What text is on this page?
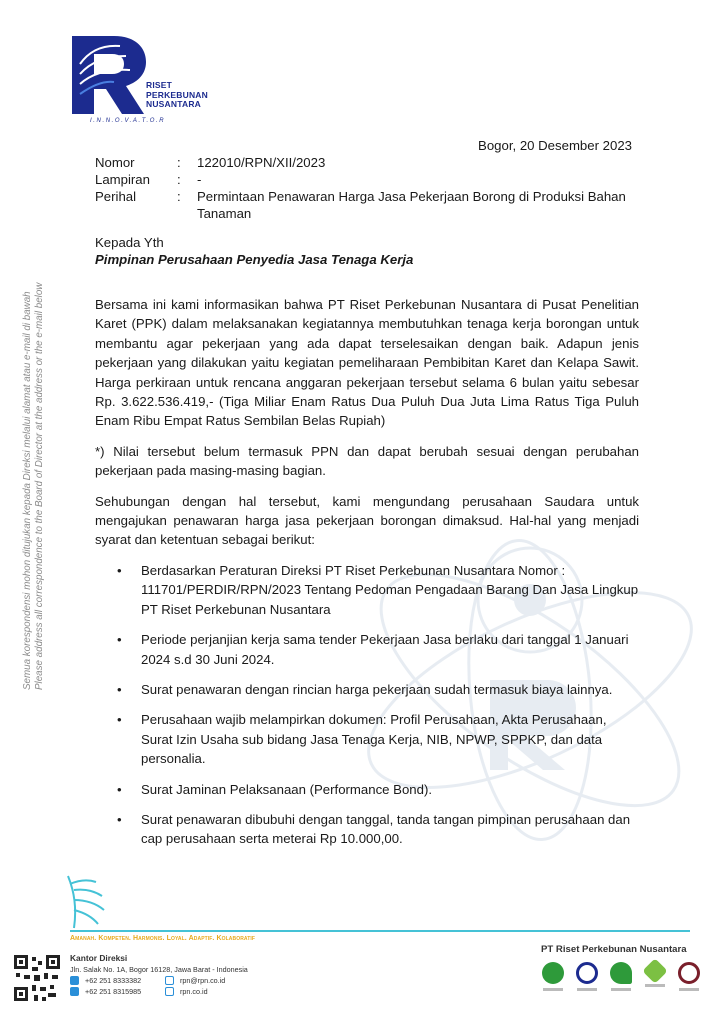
Semua korespondensi mohon ditujukan kepada Direksi melalui alamat atau e-mail di bawah Please address all correspondence to the Board of Director at the address or the e-mail below
RISET
PERKEBUNAN
NUSANTARA
I.N.N.O.V.A.T.O.R
Bogor, 20 Desember 2023
Nomor	:	122010/RPN/XII/2023
Lampiran	:	-
Perihal	:	Permintaan Penawaran Harga Jasa Pekerjaan Borong di Produksi Bahan Tanaman
Kepada Yth
Pimpinan Perusahaan Penyedia Jasa Tenaga Kerja

Bersama ini kami informasikan bahwa PT Riset Perkebunan Nusantara di Pusat Penelitian Karet (PPK) dalam melaksanakan kegiatannya membutuhkan tenaga kerja borongan untuk membantu agar pekerjaan yang ada dapat terselesaikan dengan baik. Adapun jenis pekerjaan yang dilakukan yaitu kegiatan pemeliharaan Pembibitan Karet dan Kelapa Sawit. Harga perkiraan untuk rencana anggaran pekerjaan tersebut selama 6 bulan yaitu sebesar Rp. 3.622.536.419,- (Tiga Miliar Enam Ratus Dua Puluh Dua Juta Lima Ratus Tiga Puluh Enam Ribu Empat Ratus Sembilan Belas Rupiah)

*) Nilai tersebut belum termasuk PPN dan dapat berubah sesuai dengan perubahan pekerjaan pada masing-masing bagian.

Sehubungan dengan hal tersebut, kami mengundang perusahaan Saudara untuk mengajukan penawaran harga jasa pekerjaan borongan dimaksud. Hal-hal yang menjadi syarat dan ketentuan sebagai berikut:

• Berdasarkan Peraturan Direksi PT Riset Perkebunan Nusantara Nomor : 111701/PERDIR/RPN/2023 Tentang Pedoman Pengadaan Barang Dan Jasa Lingkup PT Riset Perkebunan Nusantara
• Periode perjanjian kerja sama tender Pekerjaan Jasa berlaku dari tanggal 1 Januari 2024 s.d 30 Juni 2024.
• Surat penawaran dengan rincian harga pekerjaan sudah termasuk biaya lainnya.
• Perusahaan wajib melampirkan dokumen: Profil Perusahaan, Akta Perusahaan, Surat Izin Usaha sub bidang Jasa Tenaga Kerja, NIB, NPWP, SPPKP, dan data personalia.
• Surat Jaminan Pelaksanaan (Performance Bond).
• Surat penawaran dibubuhi dengan tanggal, tanda tangan pimpinan perusahaan dan cap perusahaan serta meterai Rp 10.000,00.
Amanah. Kompeten. Harmonis. Loyal. Adaptif. Kolaboratif
Kantor Direksi
Jln. Salak No. 1A, Bogor 16128, Jawa Barat - Indonesia
+62 251 8333382	rpn@rpn.co.id
+62 251 8315985	rpn.co.id
PT Riset Perkebunan Nusantara
